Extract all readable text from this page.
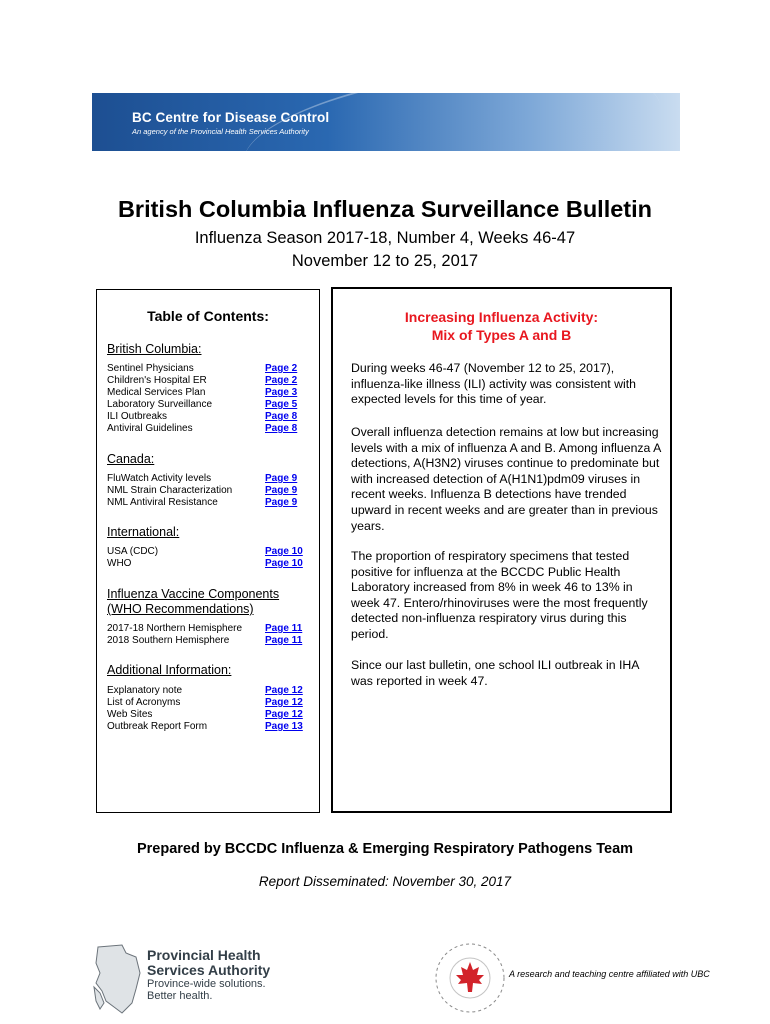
BC Centre for Disease Control
An agency of the Provincial Health Services Authority
British Columbia Influenza Surveillance Bulletin
Influenza Season 2017-18, Number 4, Weeks 46-47
November 12 to 25, 2017
Table of Contents:
British Columbia:
Sentinel Physicians	Page 2
Children's Hospital ER	Page 2
Medical Services Plan	Page 3
Laboratory Surveillance	Page 5
ILI Outbreaks	Page 8
Antiviral Guidelines	Page 8
Canada:
FluWatch Activity levels	Page 9
NML Strain Characterization	Page 9
NML Antiviral Resistance	Page 9
International:
USA (CDC)	Page 10
WHO	Page 10
Influenza Vaccine Components
(WHO Recommendations)
2017-18 Northern Hemisphere Page 11
2018 Southern Hemisphere	Page 11
Additional Information:
Explanatory note	Page 12
List of Acronyms	Page 12
Web Sites	Page 12
Outbreak Report Form	Page 13
Increasing Influenza Activity:
Mix of Types A and B
During weeks 46-47 (November 12 to 25, 2017), influenza-like illness (ILI) activity was consistent with expected levels for this time of year.
Overall influenza detection remains at low but increasing levels with a mix of influenza A and B. Among influenza A detections, A(H3N2) viruses continue to predominate but with increased detection of A(H1N1)pdm09 viruses in recent weeks. Influenza B detections have trended upward in recent weeks and are greater than in previous years.
The proportion of respiratory specimens that tested positive for influenza at the BCCDC Public Health Laboratory increased from 8% in week 46 to 13% in week 47. Entero/rhinoviruses were the most frequently detected non-influenza respiratory virus during this period.
Since our last bulletin, one school ILI outbreak in IHA was reported in week 47.
Prepared by BCCDC Influenza & Emerging Respiratory Pathogens Team
Report Disseminated: November 30, 2017
Provincial Health
Services Authority
Province-wide solutions.
Better health.
A research and teaching centre affiliated with UBC
